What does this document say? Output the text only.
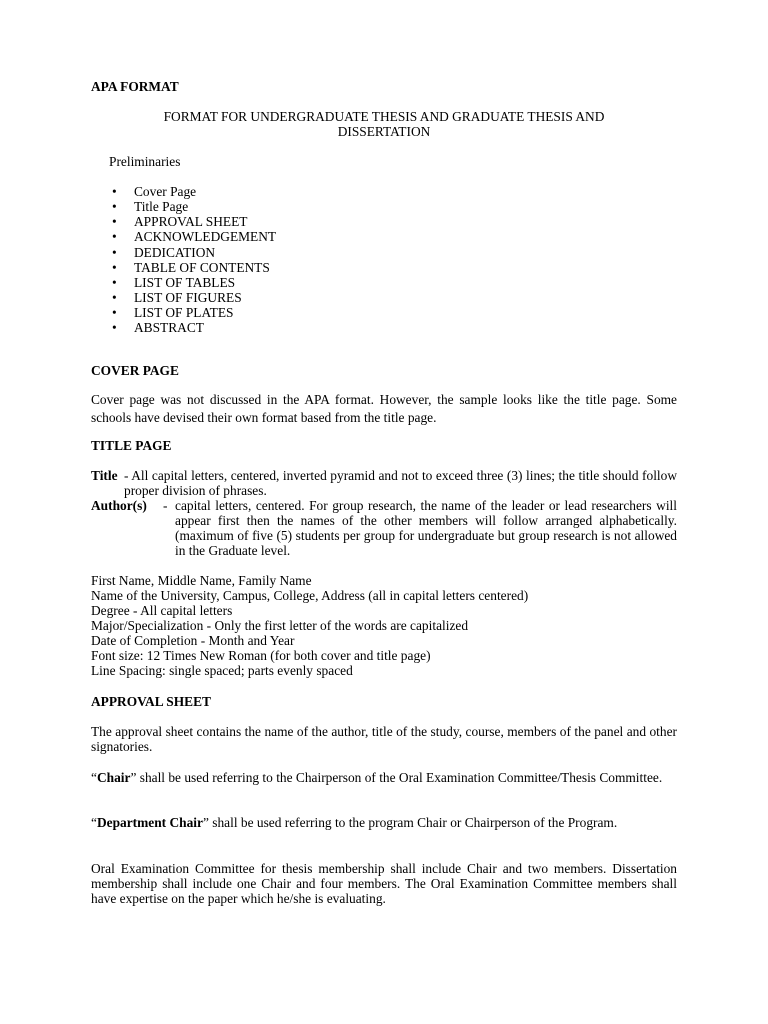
APA FORMAT
FORMAT FOR UNDERGRADUATE THESIS AND GRADUATE THESIS AND
DISSERTATION
Preliminaries
• Cover Page
• Title Page
• APPROVAL SHEET
• ACKNOWLEDGEMENT
• DEDICATION
• TABLE OF CONTENTS
• LIST OF TABLES
• LIST OF FIGURES
• LIST OF PLATES
• ABSTRACT
COVER PAGE
Cover page was not discussed in the APA format. However, the sample looks like the title page. Some schools have devised their own format based from the title page.
TITLE PAGE
Title - All capital letters, centered, inverted pyramid and not to exceed three (3) lines; the title should follow proper division of phrases.
Author(s) - capital letters, centered. For group research, the name of the leader or lead researchers will appear first then the names of the other members will follow arranged alphabetically. (maximum of five (5) students per group for undergraduate but group research is not allowed in the Graduate level.
First Name, Middle Name, Family Name
Name of the University, Campus, College, Address (all in capital letters centered)
Degree - All capital letters
Major/Specialization - Only the first letter of the words are capitalized
Date of Completion - Month and Year
Font size: 12 Times New Roman (for both cover and title page)
Line Spacing: single spaced; parts evenly spaced
APPROVAL SHEET
The approval sheet contains the name of the author, title of the study, course, members of the panel and other signatories.
“Chair” shall be used referring to the Chairperson of the Oral Examination Committee/Thesis Committee.
“Department Chair” shall be used referring to the program Chair or Chairperson of the Program.
Oral Examination Committee for thesis membership shall include Chair and two members. Dissertation membership shall include one Chair and four members. The Oral Examination Committee members shall have expertise on the paper which he/she is evaluating.
